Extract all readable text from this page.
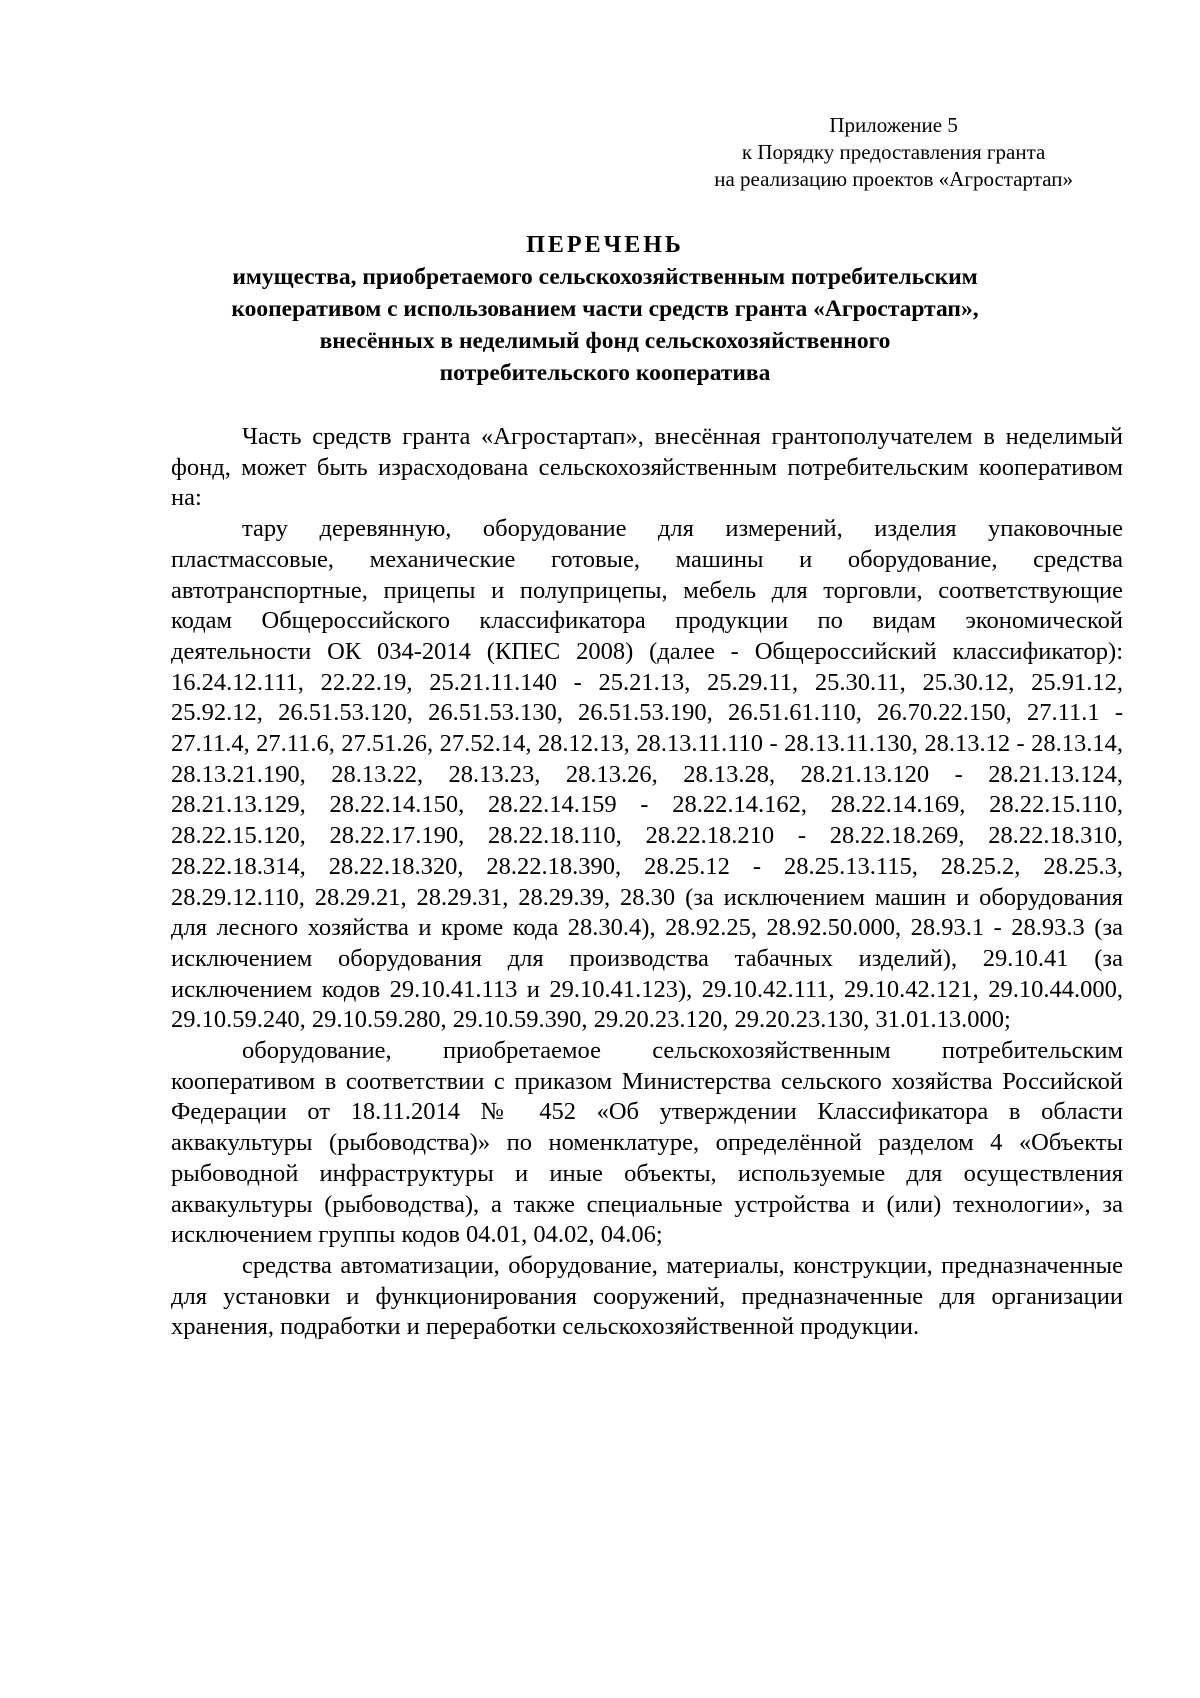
Приложение 5
к Порядку предоставления гранта
на реализацию проектов «Агростартап»
ПЕРЕЧЕНЬ
имущества, приобретаемого сельскохозяйственным потребительским
кооперативом с использованием части средств гранта «Агростартап»,
внесённых в неделимый фонд сельскохозяйственного
потребительского кооператива

Часть средств гранта «Агростартап», внесённая грантополучателем в неделимый фонд, может быть израсходована сельскохозяйственным потребительским кооперативом на:

тару деревянную, оборудование для измерений, изделия упаковочные пластмассовые, механические готовые, машины и оборудование, средства автотранспортные, прицепы и полуприцепы, мебель для торговли, соответствующие кодам Общероссийского классификатора продукции по видам экономической деятельности ОК 034-2014 (КПЕС 2008) (далее - Общероссийский классификатор): 16.24.12.111, 22.22.19, 25.21.11.140 - 25.21.13, 25.29.11, 25.30.11, 25.30.12, 25.91.12, 25.92.12, 26.51.53.120, 26.51.53.130, 26.51.53.190, 26.51.61.110, 26.70.22.150, 27.11.1 - 27.11.4, 27.11.6, 27.51.26, 27.52.14, 28.12.13, 28.13.11.110 - 28.13.11.130, 28.13.12 - 28.13.14, 28.13.21.190, 28.13.22, 28.13.23, 28.13.26, 28.13.28, 28.21.13.120 - 28.21.13.124, 28.21.13.129, 28.22.14.150, 28.22.14.159 - 28.22.14.162, 28.22.14.169, 28.22.15.110, 28.22.15.120, 28.22.17.190, 28.22.18.110, 28.22.18.210 - 28.22.18.269, 28.22.18.310, 28.22.18.314, 28.22.18.320, 28.22.18.390, 28.25.12 - 28.25.13.115, 28.25.2, 28.25.3, 28.29.12.110, 28.29.21, 28.29.31, 28.29.39, 28.30 (за исключением машин и оборудования для лесного хозяйства и кроме кода 28.30.4), 28.92.25, 28.92.50.000, 28.93.1 - 28.93.3 (за исключением оборудования для производства табачных изделий), 29.10.41 (за исключением кодов 29.10.41.113 и 29.10.41.123), 29.10.42.111, 29.10.42.121, 29.10.44.000, 29.10.59.240, 29.10.59.280, 29.10.59.390, 29.20.23.120, 29.20.23.130, 31.01.13.000;

оборудование, приобретаемое сельскохозяйственным потребительским кооперативом в соответствии с приказом Министерства сельского хозяйства Российской Федерации от 18.11.2014 № 452 «Об утверждении Классификатора в области аквакультуры (рыбоводства)» по номенклатуре, определённой разделом 4 «Объекты рыбоводной инфраструктуры и иные объекты, используемые для осуществления аквакультуры (рыбоводства), а также специальные устройства и (или) технологии», за исключением группы кодов 04.01, 04.02, 04.06;

средства автоматизации, оборудование, материалы, конструкции, предназначенные для установки и функционирования сооружений, предназначенные для организации хранения, подработки и переработки сельскохозяйственной продукции.
